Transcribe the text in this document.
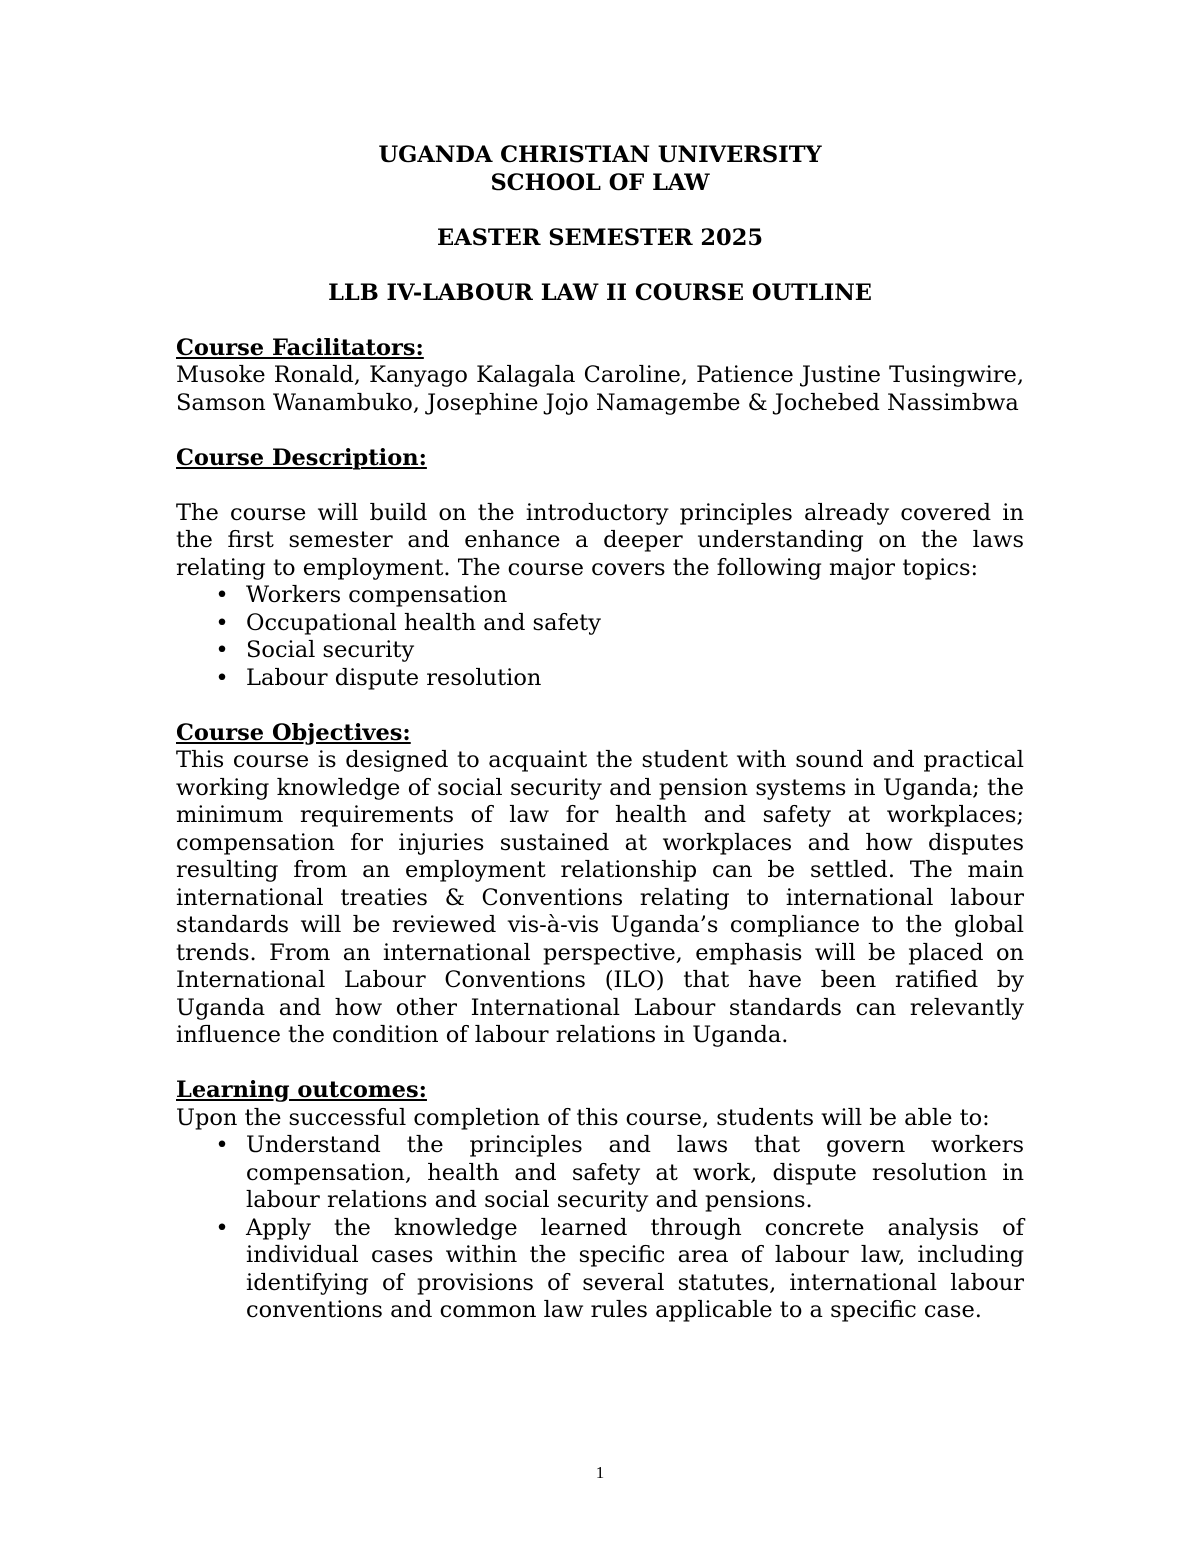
UGANDA CHRISTIAN UNIVERSITY

SCHOOL OF LAW

EASTER SEMESTER 2025

LLB IV-LABOUR LAW II COURSE OUTLINE

Course Facilitators:

Musoke Ronald, Kanyago Kalagala Caroline, Patience Justine Tusingwire, Samson Wanambuko, Josephine Jojo Namagembe & Jochebed Nassimbwa

Course Description:

The course will build on the introductory principles already covered in the first semester and enhance a deeper understanding on the laws relating to employment. The course covers the following major topics:

• Workers compensation
• Occupational health and safety
• Social security
• Labour dispute resolution

Course Objectives:

This course is designed to acquaint the student with sound and practical working knowledge of social security and pension systems in Uganda; the minimum requirements of law for health and safety at workplaces; compensation for injuries sustained at workplaces and how disputes resulting from an employment relationship can be settled. The main international treaties & Conventions relating to international labour standards will be reviewed vis-à-vis Uganda’s compliance to the global trends. From an international perspective, emphasis will be placed on International Labour Conventions (ILO) that have been ratified by Uganda and how other International Labour standards can relevantly influence the condition of labour relations in Uganda.

Learning outcomes:

Upon the successful completion of this course, students will be able to:

• Understand the principles and laws that govern workers compensation, health and safety at work, dispute resolution in labour relations and social security and pensions.
• Apply the knowledge learned through concrete analysis of individual cases within the specific area of labour law, including identifying of provisions of several statutes, international labour conventions and common law rules applicable to a specific case.
1
